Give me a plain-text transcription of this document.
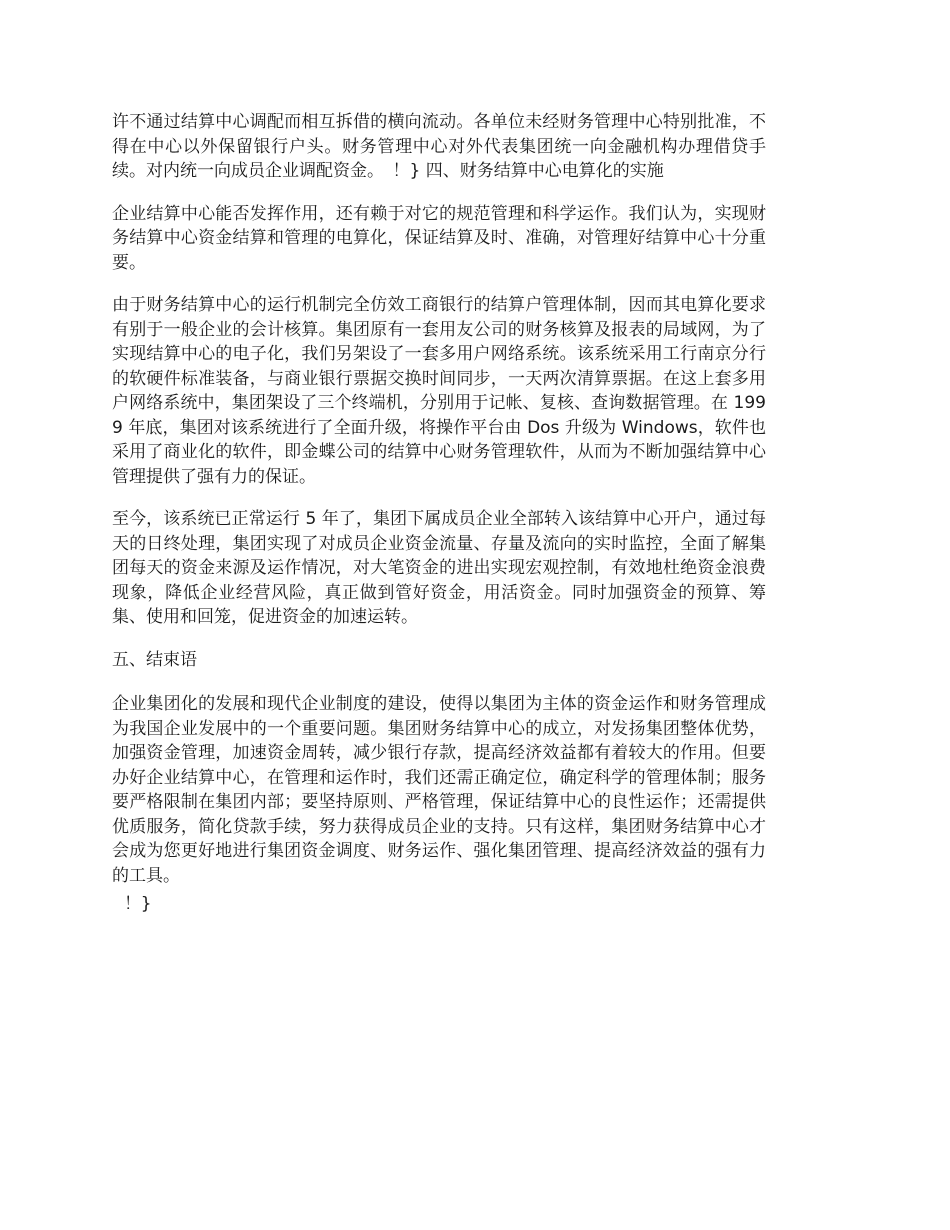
许不通过结算中心调配而相互拆借的横向流动。各单位未经财务管理中心特别批准，不得在中心以外保留银行户头。财务管理中心对外代表集团统一向金融机构办理借贷手续。对内统一向成员企业调配资金。　！} 四、财务结算中心电算化的实施

企业结算中心能否发挥作用，还有赖于对它的规范管理和科学运作。我们认为，实现财务结算中心资金结算和管理的电算化，保证结算及时、准确，对管理好结算中心十分重要。

由于财务结算中心的运行机制完全仿效工商银行的结算户管理体制，因而其电算化要求有别于一般企业的会计核算。集团原有一套用友公司的财务核算及报表的局域网，为了实现结算中心的电子化，我们另架设了一套多用户网络系统。该系统采用工行南京分行的软硬件标准装备，与商业银行票据交换时间同步，一天两次清算票据。在这上套多用户网络系统中，集团架设了三个终端机，分别用于记帐、复核、查询数据管理。在 1999 年底，集团对该系统进行了全面升级，将操作平台由 Dos 升级为 Windows，软件也采用了商业化的软件，即金蝶公司的结算中心财务管理软件，从而为不断加强结算中心管理提供了强有力的保证。

至今，该系统已正常运行 5 年了，集团下属成员企业全部转入该结算中心开户，通过每天的日终处理，集团实现了对成员企业资金流量、存量及流向的实时监控，全面了解集团每天的资金来源及运作情况，对大笔资金的进出实现宏观控制，有效地杜绝资金浪费现象，降低企业经营风险，真正做到管好资金，用活资金。同时加强资金的预算、筹集、使用和回笼，促进资金的加速运转。

五、结束语

企业集团化的发展和现代企业制度的建设，使得以集团为主体的资金运作和财务管理成为我国企业发展中的一个重要问题。集团财务结算中心的成立，对发扬集团整体优势，加强资金管理，加速资金周转，减少银行存款，提高经济效益都有着较大的作用。但要办好企业结算中心，在管理和运作时，我们还需正确定位，确定科学的管理体制；服务要严格限制在集团内部；要坚持原则、严格管理，保证结算中心的良性运作；还需提供优质服务，简化贷款手续，努力获得成员企业的支持。只有这样，集团财务结算中心才会成为您更好地进行集团资金调度、财务运作、强化集团管理、提高经济效益的强有力的工具。

！}
